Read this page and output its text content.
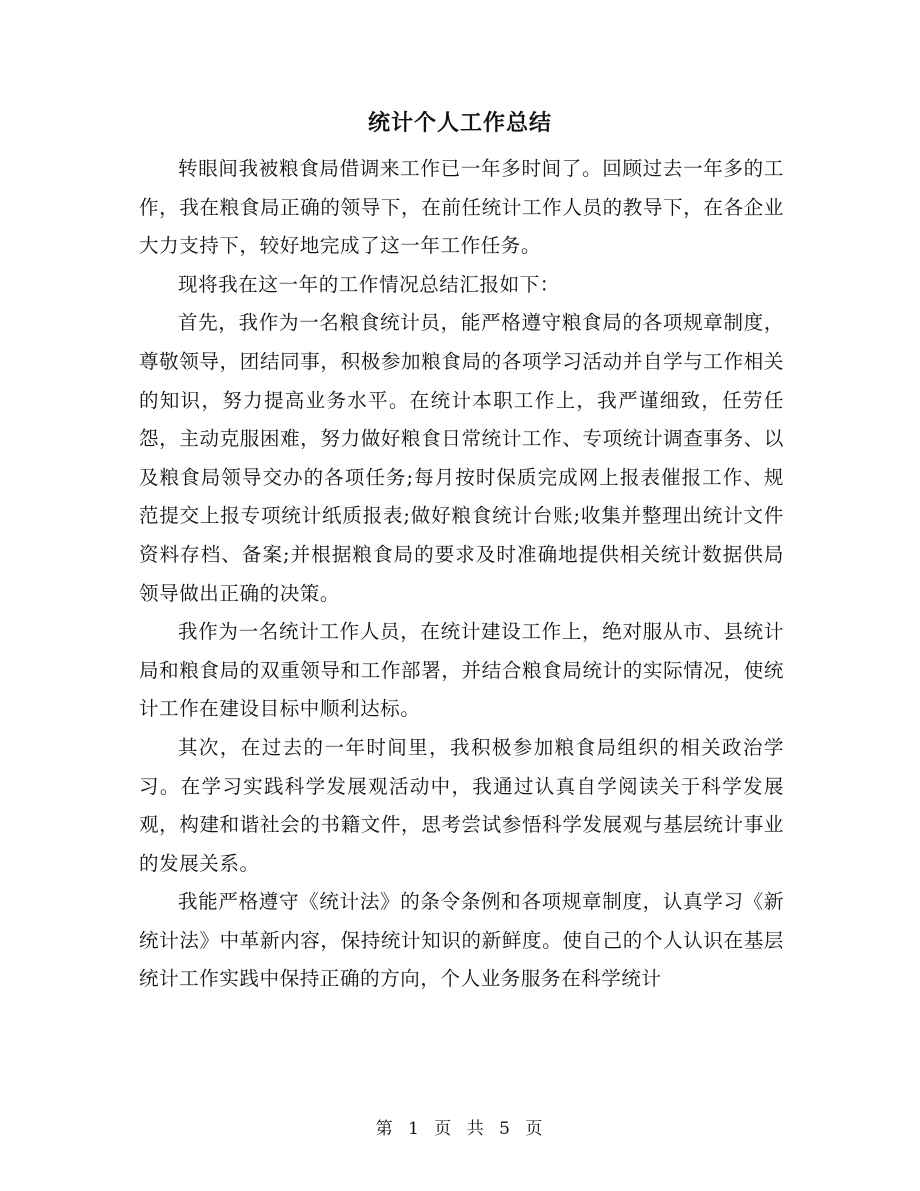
统计个人工作总结

转眼间我被粮食局借调来工作已一年多时间了。回顾过去一年多的工作，我在粮食局正确的领导下，在前任统计工作人员的教导下，在各企业大力支持下，较好地完成了这一年工作任务。

现将我在这一年的工作情况总结汇报如下：

首先，我作为一名粮食统计员，能严格遵守粮食局的各项规章制度，尊敬领导，团结同事，积极参加粮食局的各项学习活动并自学与工作相关的知识，努力提高业务水平。在统计本职工作上，我严谨细致，任劳任怨，主动克服困难，努力做好粮食日常统计工作、专项统计调查事务、以及粮食局领导交办的各项任务;每月按时保质完成网上报表催报工作、规范提交上报专项统计纸质报表;做好粮食统计台账;收集并整理出统计文件资料存档、备案;并根据粮食局的要求及时准确地提供相关统计数据供局领导做出正确的决策。

我作为一名统计工作人员，在统计建设工作上，绝对服从市、县统计局和粮食局的双重领导和工作部署，并结合粮食局统计的实际情况，使统计工作在建设目标中顺利达标。

其次，在过去的一年时间里，我积极参加粮食局组织的相关政治学习。在学习实践科学发展观活动中，我通过认真自学阅读关于科学发展观，构建和谐社会的书籍文件，思考尝试参悟科学发展观与基层统计事业的发展关系。

我能严格遵守《统计法》的条令条例和各项规章制度，认真学习《新统计法》中革新内容，保持统计知识的新鲜度。使自己的个人认识在基层统计工作实践中保持正确的方向，个人业务服务在科学统计

第 1 页 共 5 页
